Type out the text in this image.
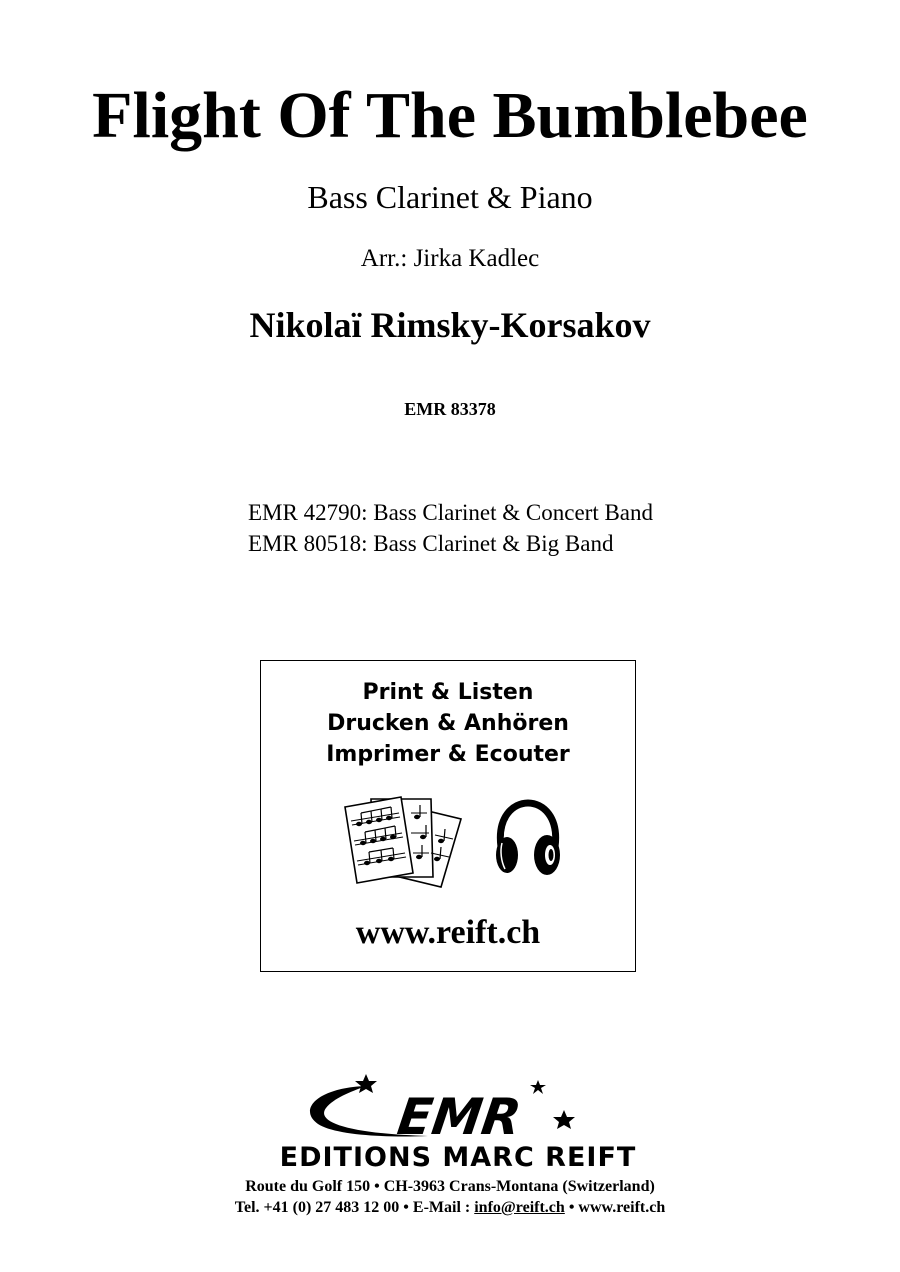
Flight Of The Bumblebee
Bass Clarinet & Piano
Arr.: Jirka Kadlec
Nikolaï Rimsky-Korsakov
EMR 83378
EMR 42790: Bass Clarinet & Concert Band
EMR 80518: Bass Clarinet & Big Band
Print & Listen
Drucken & Anhören
Imprimer & Ecouter
www.reift.ch
EMR
EDITIONS MARC REIFT
Route du Golf 150 • CH-3963 Crans-Montana (Switzerland)
Tel. +41 (0) 27 483 12 00 • E-Mail : info@reift.ch • www.reift.ch
